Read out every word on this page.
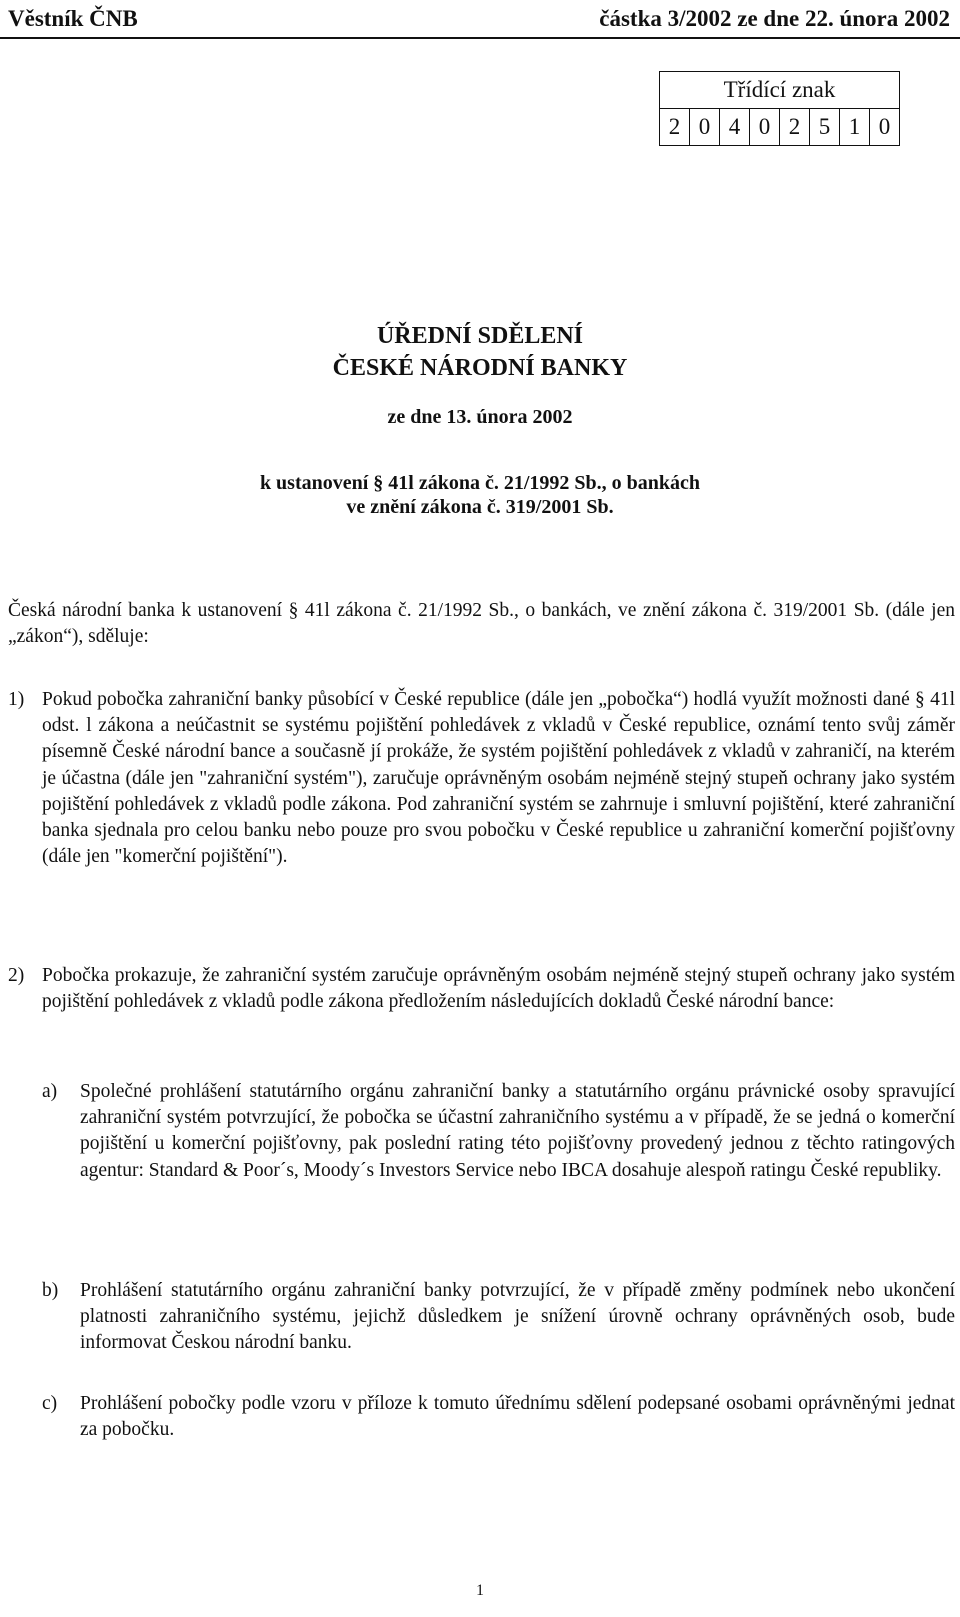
Věstník ČNB	částka 3/2002 ze dne 22. února 2002
Třídící znak
2	0	4	0	2	5	1	0
ÚŘEDNÍ SDĚLENÍ
ČESKÉ NÁRODNÍ BANKY
ze dne 13. února 2002
k ustanovení § 41l zákona č. 21/1992 Sb., o bankách
ve znění zákona č. 319/2001 Sb.
Česká národní banka k ustanovení § 41l zákona č. 21/1992 Sb., o bankách, ve znění zákona č. 319/2001 Sb. (dále jen „zákon“), sděluje:
1) Pokud pobočka zahraniční banky působící v České republice (dále jen „pobočka“) hodlá využít možnosti dané § 41l odst. l zákona a neúčastnit se systému pojištění pohledávek z vkladů v České republice, oznámí tento svůj záměr písemně České národní bance a současně jí prokáže, že systém pojištění pohledávek z vkladů v zahraničí, na kterém je účastna (dále jen "zahraniční systém"), zaručuje oprávněným osobám nejméně stejný stupeň ochrany jako systém pojištění pohledávek z vkladů podle zákona. Pod zahraniční systém se zahrnuje i smluvní pojištění, které zahraniční banka sjednala pro celou banku nebo pouze pro svou pobočku v České republice u zahraniční komerční pojišťovny (dále jen "komerční pojištění").
2) Pobočka prokazuje, že zahraniční systém zaručuje oprávněným osobám nejméně stejný stupeň ochrany jako systém pojištění pohledávek z vkladů podle zákona předložením následujících dokladů České národní bance:
a) Společné prohlášení statutárního orgánu zahraniční banky a statutárního orgánu právnické osoby spravující zahraniční systém potvrzující, že pobočka se účastní zahraničního systému a v případě, že se jedná o komerční pojištění u komerční pojišťovny, pak poslední rating této pojišťovny provedený jednou z těchto ratingových agentur: Standard & Poor´s, Moody´s Investors Service nebo IBCA dosahuje alespoň ratingu České republiky.
b) Prohlášení statutárního orgánu zahraniční banky potvrzující, že v případě změny podmínek nebo ukončení platnosti zahraničního systému, jejichž důsledkem je snížení úrovně ochrany oprávněných osob, bude informovat Českou národní banku.
c) Prohlášení pobočky podle vzoru v příloze k tomuto úřednímu sdělení podepsané osobami oprávněnými jednat za pobočku.
1
